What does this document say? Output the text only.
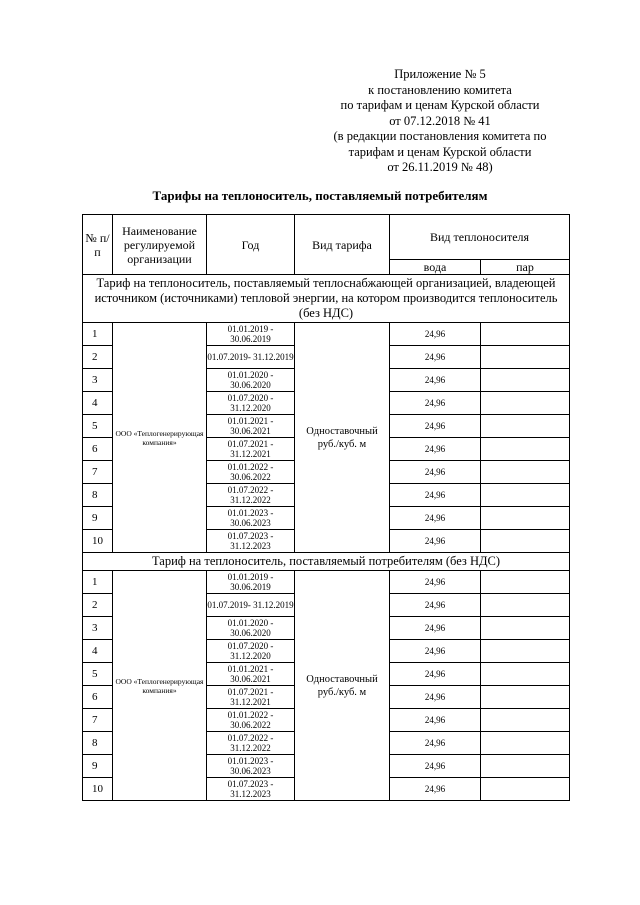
Приложение № 5
к постановлению комитета
по тарифам и ценам Курской области
от 07.12.2018 № 41
(в редакции постановления комитета по
тарифам и ценам Курской области
от 26.11.2019 № 48)
Тарифы на теплоноситель, поставляемый потребителям
№ п/п	Наименование регулируемой организации	Год	Вид тарифа	Вид теплоносителя	
				вода	пар
Тариф на теплоноситель, поставляемый теплоснабжающей организацией, владеющей источником (источниками) тепловой энергии, на котором производится теплоноситель (без НДС)					
1	ООО «Теплогенерирующая компания»	01.01.2019 - 30.06.2019	Одноставочный руб./куб. м	24,96	
2		01.07.2019- 31.12.2019		24,96	
3		01.01.2020 - 30.06.2020		24,96	
4		01.07.2020 - 31.12.2020		24,96	
5		01.01.2021 - 30.06.2021		24,96	
6		01.07.2021 - 31.12.2021		24,96	
7		01.01.2022 - 30.06.2022		24,96	
8		01.07.2022 - 31.12.2022		24,96	
9		01.01.2023 - 30.06.2023		24,96	
10		01.07.2023 - 31.12.2023		24,96	
Тариф на теплоноситель, поставляемый потребителям (без НДС)					
1	ООО «Теплогенерирующая компания»	01.01.2019 - 30.06.2019	Одноставочный руб./куб. м	24,96	
2		01.07.2019- 31.12.2019		24,96	
3		01.01.2020 - 30.06.2020		24,96	
4		01.07.2020 - 31.12.2020		24,96	
5		01.01.2021 - 30.06.2021		24,96	
6		01.07.2021 - 31.12.2021		24,96	
7		01.01.2022 - 30.06.2022		24,96	
8		01.07.2022 - 31.12.2022		24,96	
9		01.01.2023 - 30.06.2023		24,96	
10		01.07.2023 - 31.12.2023		24,96	
